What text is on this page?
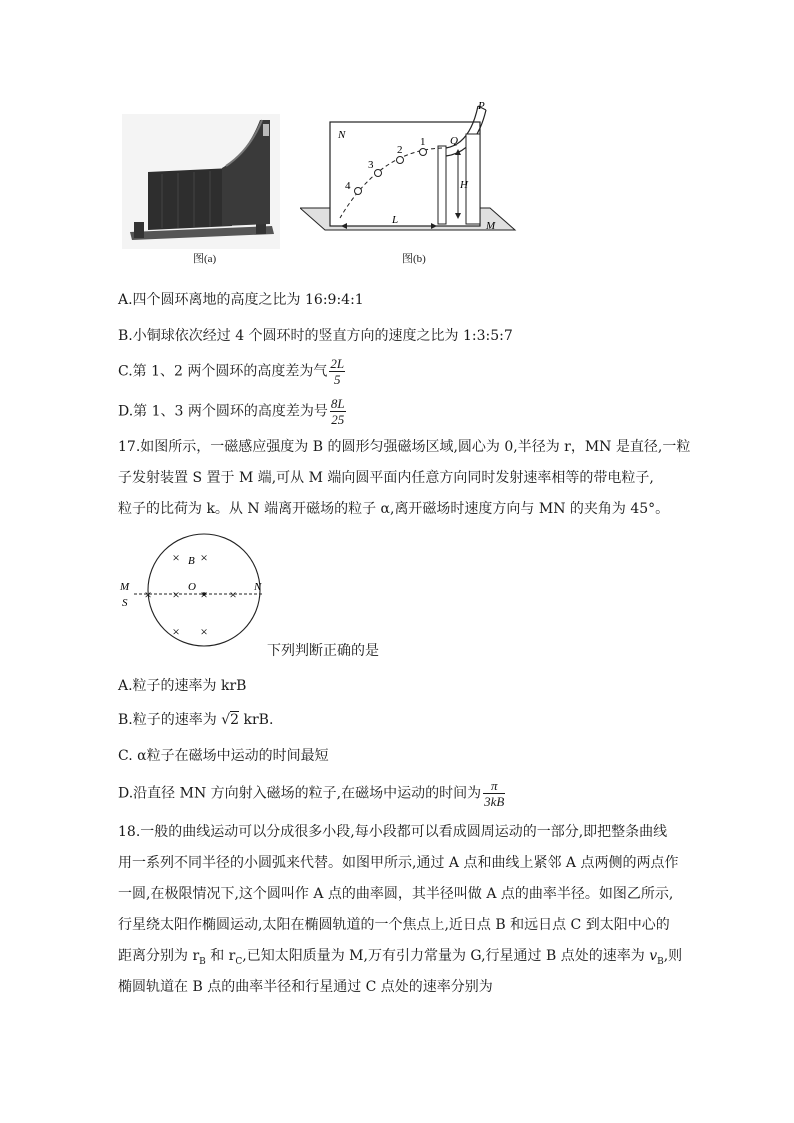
图(a)
P
N	Q
H
L	M
1
2
3
4
图(b)
A.四个圆环离地的高度之比为 16:9:4:1
B.小铜球依次经过 4 个圆环时的竖直方向的速度之比为 1:3:5:7
C.第 1、2 两个圆环的高度差为气 $\frac{2L}{5}$
D.第 1、3 两个圆环的高度差为号 $\frac{8L}{25}$
17.如图所示，一磁感应强度为 B 的圆形匀强磁场区域,圆心为 0,半径为 r，MN 是直径,一粒
子发射装置 S 置于 M 端,可从 M 端向圆平面内任意方向同时发射速率相等的带电粒子,
粒子的比荷为 k。从 N 端离开磁场的粒子 α,离开磁场时速度方向与 MN 的夹角为 45°。
× ×
× × × ×
× ×
B
O
M
S
N
下列判断正确的是
A.粒子的速率为 krB
B.粒子的速率为 √2 krB.
C. α粒子在磁场中运动的时间最短
D.沿直径 MN 方向射入磁场的粒子,在磁场中运动的时间为 $\frac{\pi}{3kB}$
18.一般的曲线运动可以分成很多小段,每小段都可以看成圆周运动的一部分,即把整条曲线
用一系列不同半径的小圆弧来代替。如图甲所示,通过 A 点和曲线上紧邻 A 点两侧的两点作
一圆,在极限情况下,这个圆叫作 A 点的曲率圆，其半径叫做 A 点的曲率半径。如图乙所示,
行星绕太阳作椭圆运动,太阳在椭圆轨道的一个焦点上,近日点 B 和远日点 C 到太阳中心的
距离分别为 $r_B$ 和 $r_C$,已知太阳质量为 M,万有引力常量为 G,行星通过 B 点处的速率为 $v_B$,则
椭圆轨道在 B 点的曲率半径和行星通过 C 点处的速率分别为
